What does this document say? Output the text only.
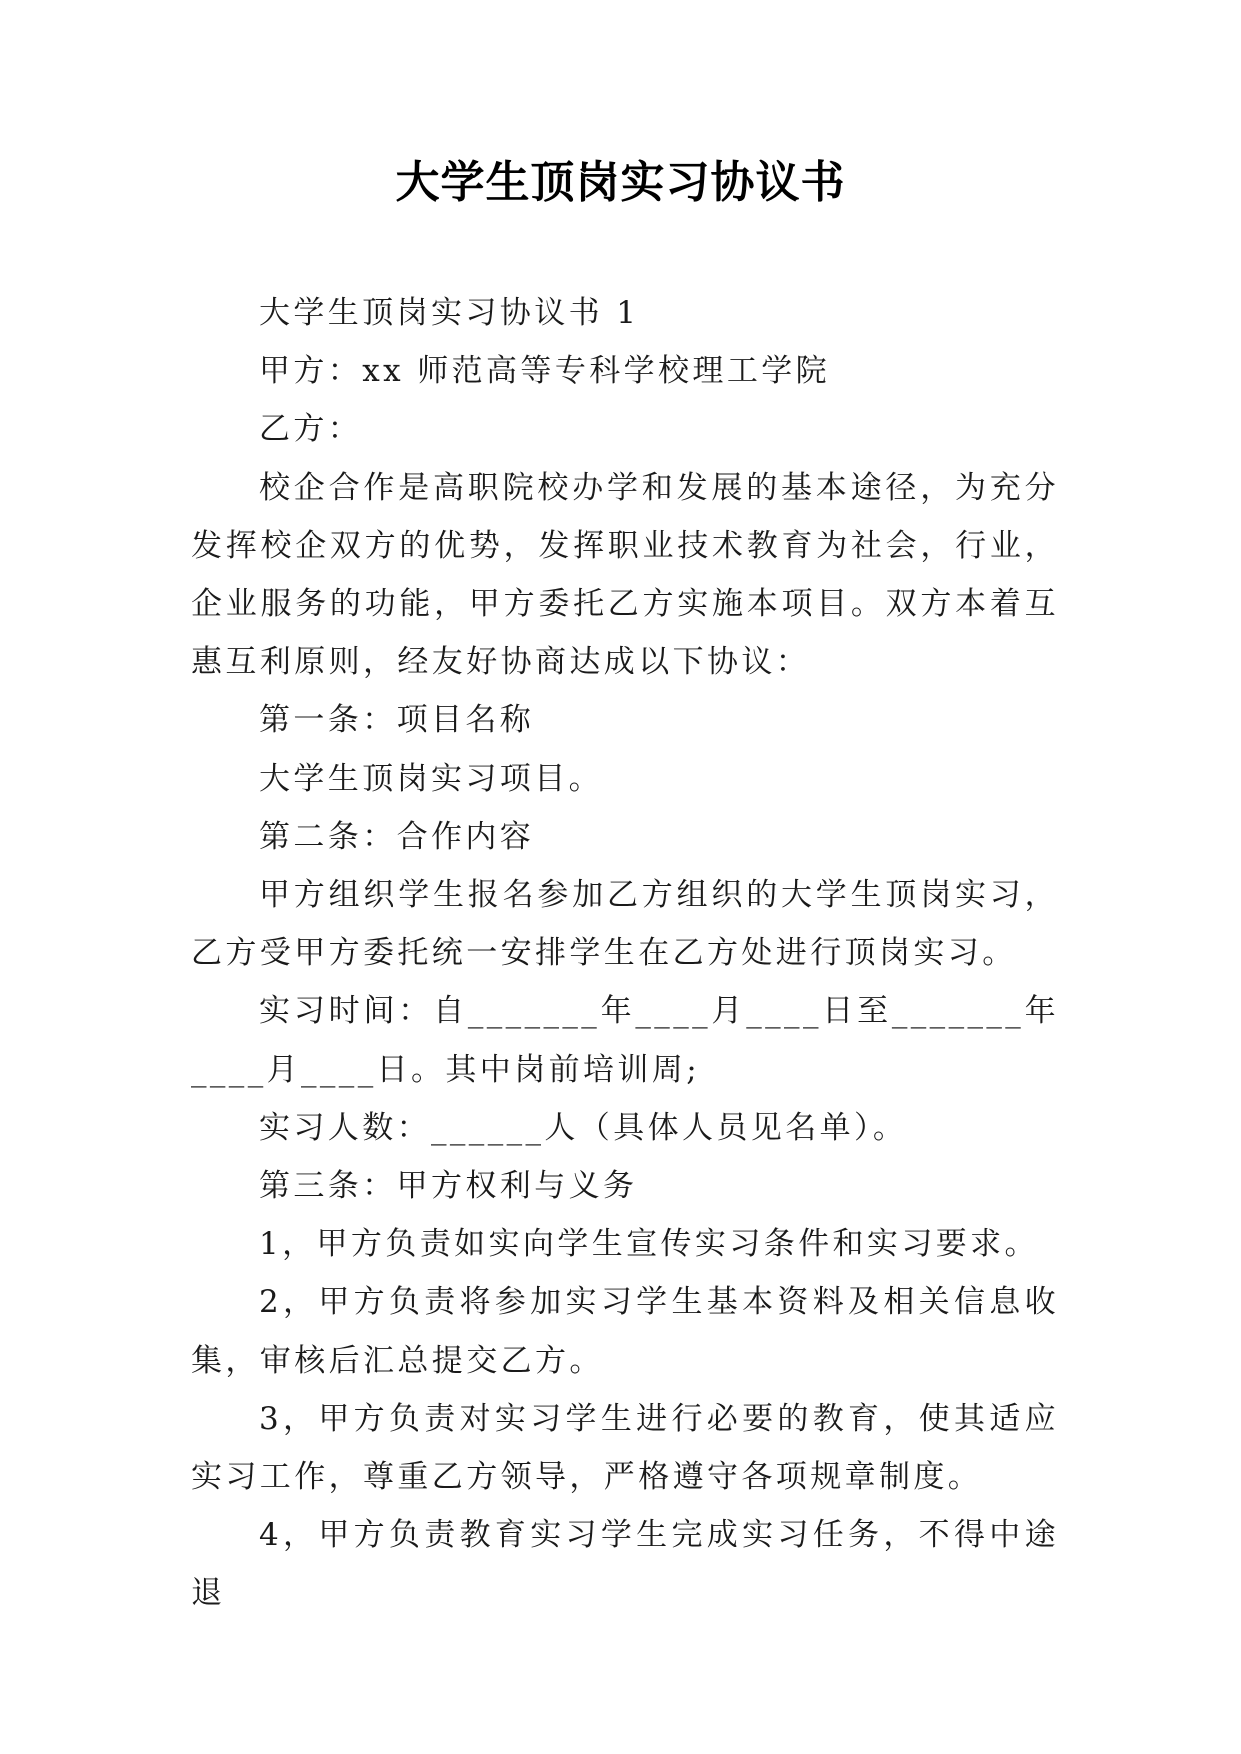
大学生顶岗实习协议书

大学生顶岗实习协议书 1

甲方：xx 师范高等专科学校理工学院

乙方：

校企合作是高职院校办学和发展的基本途径，为充分发挥校企双方的优势，发挥职业技术教育为社会，行业，企业服务的功能，甲方委托乙方实施本项目。双方本着互惠互利原则，经友好协商达成以下协议：

第一条：项目名称

大学生顶岗实习项目。

第二条：合作内容

甲方组织学生报名参加乙方组织的大学生顶岗实习，乙方受甲方委托统一安排学生在乙方处进行顶岗实习。

实习时间：自_______年____月____日至_______年____月____日。其中岗前培训周;

实习人数：______人（具体人员见名单）。

第三条：甲方权利与义务

1，甲方负责如实向学生宣传实习条件和实习要求。

2，甲方负责将参加实习学生基本资料及相关信息收集，审核后汇总提交乙方。

3，甲方负责对实习学生进行必要的教育，使其适应实习工作，尊重乙方领导，严格遵守各项规章制度。

4，甲方负责教育实习学生完成实习任务，不得中途退
